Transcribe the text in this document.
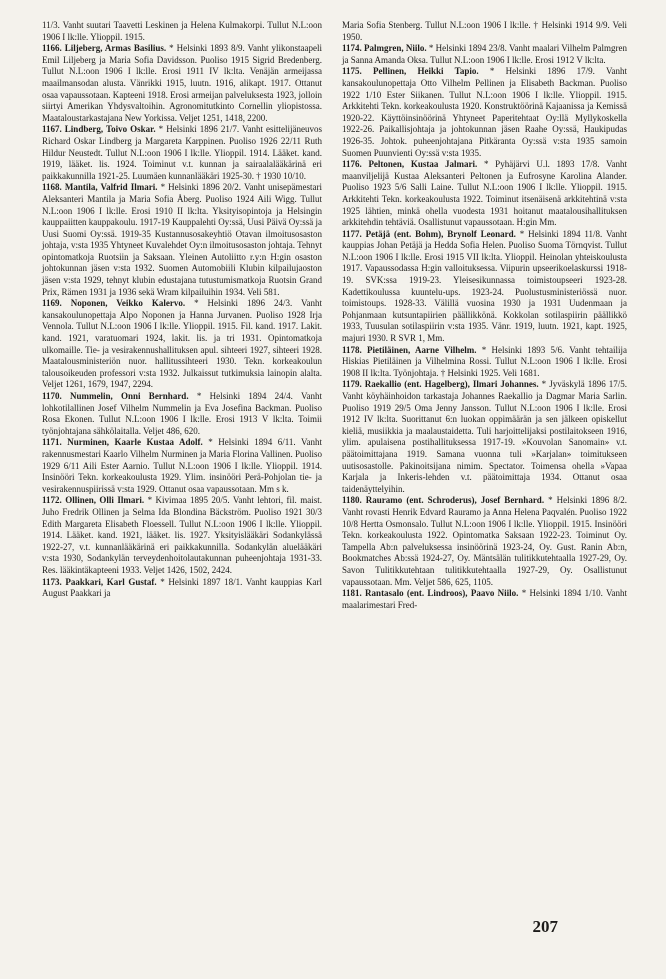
11/3. Vanht suutari Taavetti Leskinen ja Helena Kulmakorpi. Tullut N.L:oon 1906 I lk:lle. Ylioppil. 1915.

1166. Liljeberg, Armas Basilius. * Helsinki 1893 8/9. Vanht ylikonstaapeli Emil Liljeberg ja Maria Sofia Davidsson. Puoliso 1915 Sigrid Bredenberg. Tullut N.L:oon 1906 I lk:lle. Erosi 1911 IV lk:lta. Venäjän armeijassa maailmansodan alusta. Vänrikki 1915, luutn. 1916, alikapt. 1917. Ottanut osaa vapaussotaan. Kapteeni 1918. Erosi armeijan palveluksesta 1923, jolloin siirtyi Amerikan Yhdysvaltoihin. Agronomitutkinto Cornellin yliopistossa. Maataloustarkastajana New Yorkissa. Veljet 1251, 1418, 2200.

1167. Lindberg, Toivo Oskar. * Helsinki 1896 21/7. Vanht esittelijäneuvos Richard Oskar Lindberg ja Margareta Karppinen. Puoliso 1926 22/11 Ruth Hildur Neustedt. Tullut N.L:oon 1906 I lk:lle. Ylioppil. 1914. Lääket. kand. 1919, lääket. lis. 1924. Toiminut v.t. kunnan ja sairaalalääkärinä eri paikkakunnilla 1921-25. Luumäen kunnanlääkäri 1925-30. † 1930 10/10.

1168. Mantila, Valfrid Ilmari. * Helsinki 1896 20/2. Vanht unisepämestari Aleksanteri Mantila ja Maria Sofia Åberg. Puoliso 1924 Aili Wigg. Tullut N.L:oon 1906 I lk:lle. Erosi 1910 II lk:lta. Yksityisopintoja ja Helsingin kauppaiitten kauppakoulu. 1917-19 Kauppalehti Oy:ssä, Uusi Päivä Oy:ssä ja Uusi Suomi Oy:ssä. 1919-35 Kustannusosakeyhtiö Otavan ilmoitusosaston johtaja, v:sta 1935 Yhtyneet Kuvalehdet Oy:n ilmoitusosaston johtaja. Tehnyt opintomatkoja Ruotsiin ja Saksaan. Yleinen Autoliitto r.y:n H:gin osaston johtokunnan jäsen v:sta 1932. Suomen Automobiili Klubin kilpailujaoston jäsen v:sta 1929, tehnyt klubin edustajana tutustumismatkoja Ruotsin Grand Prix, Rämen 1931 ja 1936 sekä Wram kilpailuihin 1934. Veli 581.

1169. Noponen, Veikko Kalervo. * Helsinki 1896 24/3. Vanht kansakoulunopettaja Alpo Noponen ja Hanna Jurvanen. Puoliso 1928 Irja Vennola. Tullut N.L:oon 1906 I lk:lle. Ylioppil. 1915. Fil. kand. 1917. Lakit. kand. 1921, varatuomari 1924, lakit. lis. ja tri 1931. Opintomatkoja ulkomaille. Tie- ja vesirakennushallituksen apul. sihteeri 1927, sihteeri 1928. Maatalousministeriön nuor. hallitussihteeri 1930. Tekn. korkeakoulun talousoikeuden professori v:sta 1932. Julkaissut tutkimuksia lainopin alalta. Veljet 1261, 1679, 1947, 2294.

1170. Nummelin, Onni Bernhard. * Helsinki 1894 24/4. Vanht lohkotilallinen Josef Vilhelm Nummelin ja Eva Josefina Backman. Puoliso Rosa Ekonen. Tullut N.L:oon 1906 I lk:lle. Erosi 1913 V lk:lta. Toimii työnjohtajana sähkölaitalla. Veljet 486, 620.

1171. Nurminen, Kaarle Kustaa Adolf. * Helsinki 1894 6/11. Vanht rakennusmestari Kaarlo Vilhelm Nurminen ja Maria Florina Vallinen. Puoliso 1929 6/11 Aili Ester Aarnio. Tullut N.L:oon 1906 I lk:lle. Ylioppil. 1914. Insinööri Tekn. korkeakoulusta 1929. Ylim. insinööri Perä-Pohjolan tie- ja vesirakennuspiirissä v:sta 1929. Ottanut osaa vapaussotaan. Mm s k.

1172. Ollinen, Olli Ilmari. * Kivimaa 1895 20/5. Vanht lehtori, fil. maist. Juho Fredrik Ollinen ja Selma Ida Blondina Bäckström. Puoliso 1921 30/3 Edith Margareta Elisabeth Floessell. Tullut N.L:oon 1906 I lk:lle. Ylioppil. 1914. Lääket. kand. 1921, lääket. lis. 1927. Yksityislääkäri Sodankylässä 1922-27, v.t. kunnanlääkärinä eri paikkakunnilla. Sodankylän aluelääkäri v:sta 1930, Sodankylän terveydenhoitolautakunnan puheenjohtaja 1931-33. Res. lääkintäkapteeni 1933. Veljet 1426, 1502, 2424.

1173. Paakkari, Karl Gustaf. * Helsinki 1897 18/1. Vanht kauppias Karl August Paakkari ja

Maria Sofia Stenberg. Tullut N.L:oon 1906 I lk:lle. † Helsinki 1914 9/9. Veli 1950.

1174. Palmgren, Niilo. * Helsinki 1894 23/8. Vanht maalari Vilhelm Palmgren ja Sanna Amanda Oksa. Tullut N.L:oon 1906 I lk:lle. Erosi 1912 V lk:lta.

1175. Pellinen, Heikki Tapio. * Helsinki 1896 17/9. Vanht kansakoulunopettaja Otto Vilhelm Pellinen ja Elisabeth Backman. Puoliso 1922 1/10 Ester Siikanen. Tullut N.L:oon 1906 I lk:lle. Ylioppil. 1915. Arkkitehti Tekn. korkeakoulusta 1920. Konstruktöörinä Kajaanissa ja Kemissä 1920-22. Käyttöinsinöörinä Yhtyneet Paperitehtaat Oy:llä Myllykoskella 1922-26. Paikallisjohtaja ja johtokunnan jäsen Raahe Oy:ssä, Haukipudas 1926-35. Johtok. puheenjohtajana Pitkäranta Oy:ssä v:sta 1935 samoin Suomen Puunvienti Oy:ssä v:sta 1935.

1176. Peltonen, Kustaa Jalmari. * Pyhäjärvi U.l. 1893 17/8. Vanht maanviljelijä Kustaa Aleksanteri Peltonen ja Eufrosyne Karolina Alander. Puoliso 1923 5/6 Salli Laine. Tullut N.L:oon 1906 I lk:lle. Ylioppil. 1915. Arkkitehti Tekn. korkeakoulusta 1922. Toiminut itsenäisenä arkkitehtinä v:sta 1925 lähtien, minkä ohella vuodesta 1931 hoitanut maatalousihallituksen arkkitehdin tehtäviä. Osallistunut vapaussotaan. H:gin Mm.

1177. Petäjä (ent. Bohm), Brynolf Leonard. * Helsinki 1894 11/8. Vanht kauppias Johan Petäjä ja Hedda Sofia Helen. Puoliso Suoma Törnqvist. Tullut N.L:oon 1906 I lk:lle. Erosi 1915 VII lk:lta. Ylioppil. Heinolan yhteiskoulusta 1917. Vapaussodassa H:gin valloituksessa. Viipurin upseerikoelaskurssi 1918-19. SVK:ssa 1919-23. Yleisesikunnassa toimistoupseeri 1923-28. Kadettikoulussa kuuntelu-ups. 1923-24. Puolustusministeriössä nuor. toimistoups. 1928-33. Välillä vuosina 1930 ja 1931 Uudenmaan ja Pohjanmaan kutsuntapiirien päällikkönä. Kokkolan sotilaspiirin päällikkö 1933, Tuusulan sotilaspiirin v:sta 1935. Vänr. 1919, luutn. 1921, kapt. 1925, majuri 1930. R SVR 1, Mm.

1178. Pietiläinen, Aarne Vilhelm. * Helsinki 1893 5/6. Vanht tehtailija Hiskias Pietiläinen ja Vilhelmina Rossi. Tullut N.L:oon 1906 I lk:lle. Erosi 1908 II lk:lta. Työnjohtaja. † Helsinki 1925. Veli 1681.

1179. Raekallio (ent. Hagelberg), Ilmari Johannes. * Jyväskylä 1896 17/5. Vanht köyhäinhoidon tarkastaja Johannes Raekallio ja Dagmar Maria Sarlin. Puoliso 1919 29/5 Oma Jenny Jansson. Tullut N.L:oon 1906 I lk:lle. Erosi 1912 IV lk:lta. Suorittanut 6:n luokan oppimäärän ja sen jälkeen opiskellut kieliä, musiikkia ja maalaustaidetta. Tuli harjoittelijaksi postilaitokseen 1916, ylim. apulaisena postihallituksessa 1917-19. »Kouvolan Sanomain» v.t. päätoimittajana 1919. Samana vuonna tuli »Karjalan» toimitukseen uutisosastolle. Pakinoitsijana nimim. Spectator. Toimensa ohella »Vapaa Karjala ja Inkeris-lehden v.t. päätoimittaja 1934. Ottanut osaa taidenäyttelyihin.

1180. Rauramo (ent. Schroderus), Josef Bernhard. * Helsinki 1896 8/2. Vanht rovasti Henrik Edvard Rauramo ja Anna Helena Paqvalén. Puoliso 1922 10/8 Hertta Osmonsalo. Tullut N.L:oon 1906 I lk:lle. Ylioppil. 1915. Insinööri Tekn. korkeakoulusta 1922. Opintomatka Saksaan 1922-23. Toiminut Oy. Tampella Ab:n palveluksessa insinöörinä 1923-24, Oy. Gust. Ranin Ab:n, Bookmatches Ab:ssä 1924-27, Oy. Mäntsälän tulitikkutehtaalla 1927-29, Oy. Savon Tulitikkutehtaan tulitikkutehtaalla 1927-29, Oy. Osallistunut vapaussotaan. Mm. Veljet 586, 625, 1105.

1181. Rantasalo (ent. Lindroos), Paavo Niilo. * Helsinki 1894 1/10. Vanht maalarimestari Fred-

207
